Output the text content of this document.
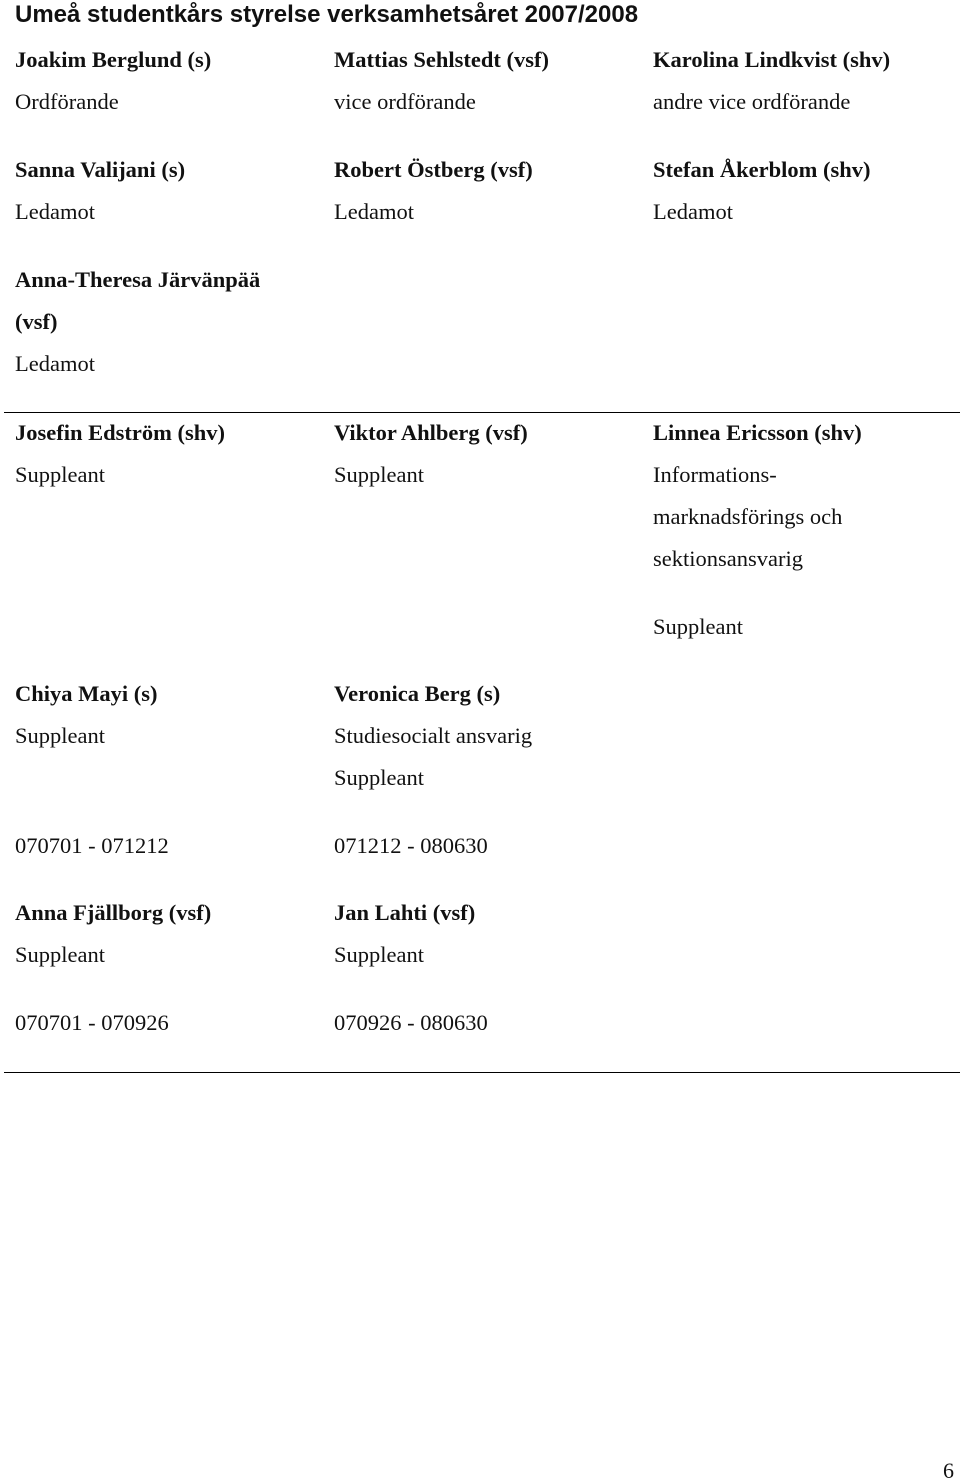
Umeå studentkårs styrelse verksamhetsåret 2007/2008
Joakim Berglund (s)
Ordförande
Mattias Sehlstedt (vsf)
vice ordförande
Karolina Lindkvist (shv)
andre vice ordförande
Sanna Valijani (s)
Ledamot
Robert Östberg (vsf)
Ledamot
Stefan Åkerblom (shv)
Ledamot
Anna-Theresa Järvänpää
(vsf)
Ledamot
Josefin Edström (shv)
Suppleant
Viktor Ahlberg (vsf)
Suppleant
Linnea Ericsson (shv)
Informations-
marknadsförings och
sektionsansvarig
Suppleant
Chiya Mayi (s)
Suppleant
070701 - 071212
Veronica Berg (s)
Studiesocialt ansvarig
Suppleant
071212 - 080630
Anna Fjällborg (vsf)
Suppleant
070701 - 070926
Jan Lahti (vsf)
Suppleant
070926 - 080630
6
